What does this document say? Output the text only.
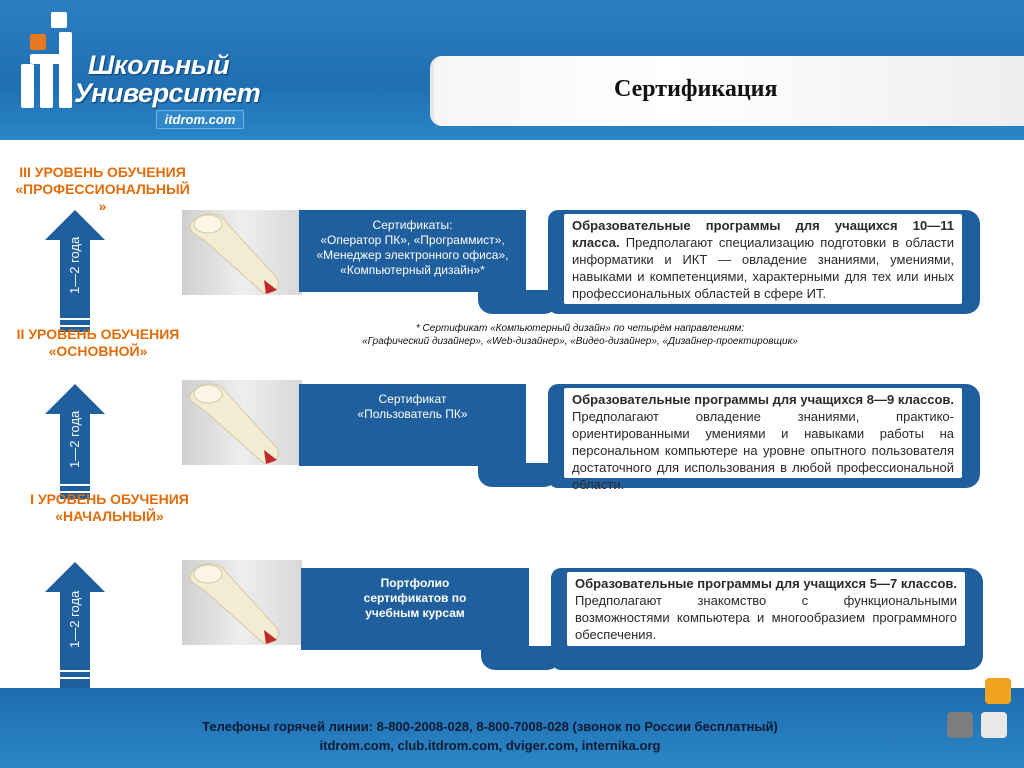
Школьный
Университет
itdrom.com
Сертификация
III УРОВЕНЬ ОБУЧЕНИЯ
«ПРОФЕССИОНАЛЬНЫЙ
»
1—2 года
II УРОВЕНЬ ОБУЧЕНИЯ
«ОСНОВНОЙ»
1—2 года
I УРОВЕНЬ ОБУЧЕНИЯ
«НАЧАЛЬНЫЙ»
1—2 года
Сертификаты:
«Оператор ПК», «Программист»,
«Менеджер электронного офиса»,
«Компьютерный дизайн»*
Образовательные программы для учащихся 10—11 класса. Предполагают специализацию подготовки в области информатики и ИКТ — овладение знаниями, умениями, навыками и компетенциями, характерными для тех или иных профессиональных областей в сфере ИТ.
* Сертификат «Компьютерный дизайн» по четырём направлениям:
«Графический дизайнер», «Web-дизайнер», «Видео-дизайнер», «Дизайнер-проектировщик»
Сертификат
«Пользователь ПК»
Образовательные программы для учащихся 8—9 классов. Предполагают овладение знаниями, практико-ориентированными умениями и навыками работы на персональном компьютере на уровне опытного пользователя достаточного для использования в любой профессиональной области.
Портфолио
сертификатов по
учебным курсам
Образовательные программы для учащихся 5—7 классов. Предполагают знакомство с функциональными возможностями компьютера и многообразием программного обеспечения.
Телефоны горячей линии: 8-800-2008-028, 8-800-7008-028 (звонок по России бесплатный)
itdrom.com, club.itdrom.com, dviger.com, internika.org
